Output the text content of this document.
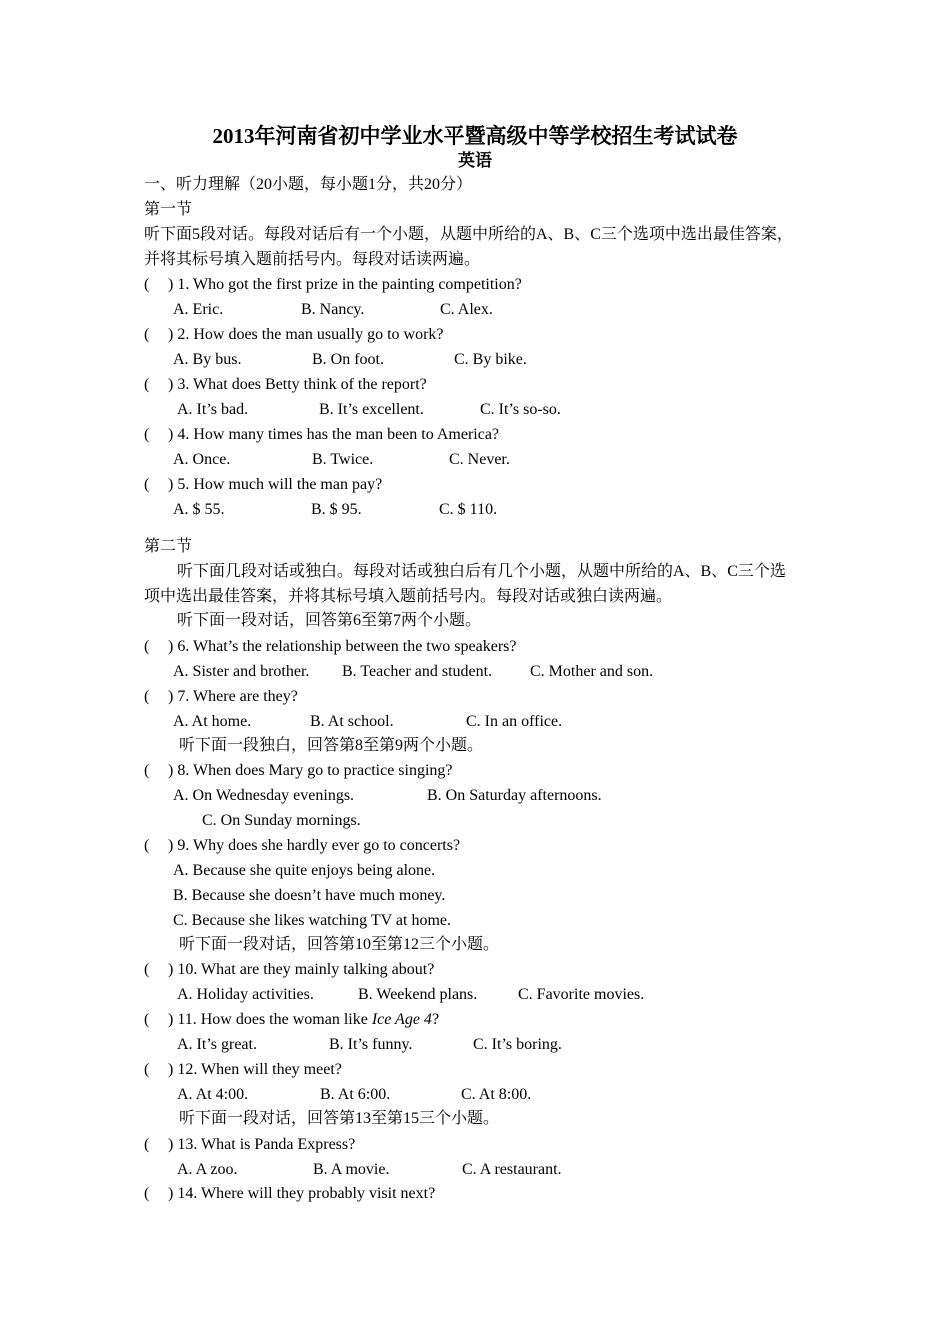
2013年河南省初中学业水平暨高级中等学校招生考试试卷
英语
一、听力理解（20小题，每小题1分，共20分）
第一节
听下面5段对话。每段对话后有一个小题，从题中所给的A、B、C三个选项中选出最佳答案，
并将其标号填入题前括号内。每段对话读两遍。
( ) 1. Who got the first prize in the painting competition?
A. Eric.	B. Nancy.	C. Alex.
( ) 2. How does the man usually go to work?
A. By bus.	B. On foot.	C. By bike.
( ) 3. What does Betty think of the report?
A. It’s bad.	B. It’s excellent.	C. It’s so-so.
( ) 4. How many times has the man been to America?
A. Once.	B. Twice.	C. Never.
( ) 5. How much will the man pay?
A. $ 55.	B. $ 95.	C. $ 110.
第二节
听下面几段对话或独白。每段对话或独白后有几个小题，从题中所给的A、B、C三个选
项中选出最佳答案，并将其标号填入题前括号内。每段对话或独白读两遍。
听下面一段对话，回答第6至第7两个小题。
( ) 6. What’s the relationship between the two speakers?
A. Sister and brother. B. Teacher and student. C. Mother and son.
( ) 7. Where are they?
A. At home.	B. At school.	C. In an office.
听下面一段独白，回答第8至第9两个小题。
( ) 8. When does Mary go to practice singing?
A. On Wednesday evenings.	B. On Saturday afternoons.
C. On Sunday mornings.
( ) 9. Why does she hardly ever go to concerts?
A. Because she quite enjoys being alone.
B. Because she doesn’t have much money.
C. Because she likes watching TV at home.
听下面一段对话，回答第10至第12三个小题。
( ) 10. What are they mainly talking about?
A. Holiday activities.	B. Weekend plans.	C. Favorite movies.
( ) 11. How does the woman like Ice Age 4?
A. It’s great.	B. It’s funny.	C. It’s boring.
( ) 12. When will they meet?
A. At 4:00.	B. At 6:00.	C. At 8:00.
听下面一段对话，回答第13至第15三个小题。
( ) 13. What is Panda Express?
A. A zoo.	B. A movie.	C. A restaurant.
( ) 14. Where will they probably visit next?
